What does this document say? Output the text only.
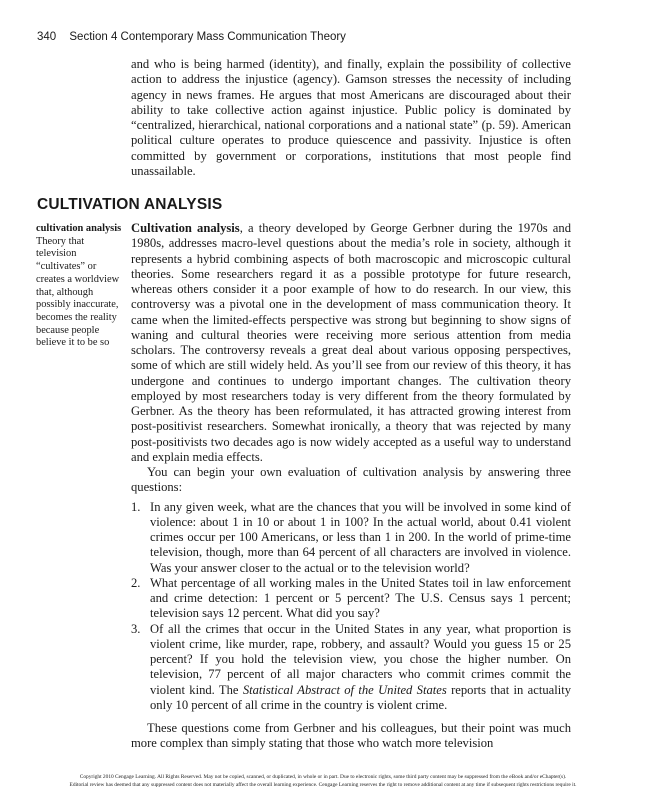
340 Section 4 Contemporary Mass Communication Theory

and who is being harmed (identity), and finally, explain the possibility of collective action to address the injustice (agency). Gamson stresses the necessity of including agency in news frames. He argues that most Americans are discouraged about their ability to take collective action against injustice. Public policy is dominated by “centralized, hierarchical, national corporations and a national state” (p. 59). American political culture operates to produce quiescence and passivity. Injustice is often committed by government or corporations, institutions that most people find unassailable.

CULTIVATION ANALYSIS
cultivation analysis
Theory that television “cultivates” or creates a worldview that, although possibly inaccurate, becomes the reality because people believe it to be so

Cultivation analysis, a theory developed by George Gerbner during the 1970s and 1980s, addresses macro-level questions about the media’s role in society, although it represents a hybrid combining aspects of both macroscopic and microscopic cultural theories. Some researchers regard it as a possible prototype for future research, whereas others consider it a poor example of how to do research. In our view, this controversy was a pivotal one in the development of mass communication theory. It came when the limited-effects perspective was strong but beginning to show signs of waning and cultural theories were receiving more serious attention from media scholars. The controversy reveals a great deal about various opposing perspectives, some of which are still widely held. As you’ll see from our review of this theory, it has undergone and continues to undergo important changes. The cultivation theory employed by most researchers today is very different from the theory formulated by Gerbner. As the theory has been reformulated, it has attracted growing interest from post-positivist researchers. Somewhat ironically, a theory that was rejected by many post-positivists two decades ago is now widely accepted as a useful way to understand and explain media effects.

You can begin your own evaluation of cultivation analysis by answering three questions:

1. In any given week, what are the chances that you will be involved in some kind of violence: about 1 in 10 or about 1 in 100? In the actual world, about 0.41 violent crimes occur per 100 Americans, or less than 1 in 200. In the world of prime-time television, though, more than 64 percent of all characters are involved in violence. Was your answer closer to the actual or to the television world?
2. What percentage of all working males in the United States toil in law enforcement and crime detection: 1 percent or 5 percent? The U.S. Census says 1 percent; television says 12 percent. What did you say?
3. Of all the crimes that occur in the United States in any year, what proportion is violent crime, like murder, rape, robbery, and assault? Would you guess 15 or 25 percent? If you hold the television view, you chose the higher number. On television, 77 percent of all major characters who commit crimes commit the violent kind. The Statistical Abstract of the United States reports that in actuality only 10 percent of all crime in the country is violent crime.

These questions come from Gerbner and his colleagues, but their point was much more complex than simply stating that those who watch more television

Copyright 2010 Cengage Learning. All Rights Reserved. May not be copied, scanned, or duplicated, in whole or in part. Due to electronic rights, some third party content may be suppressed from the eBook and/or eChapter(s).
Editorial review has deemed that any suppressed content does not materially affect the overall learning experience. Cengage Learning reserves the right to remove additional content at any time if subsequent rights restrictions require it.
